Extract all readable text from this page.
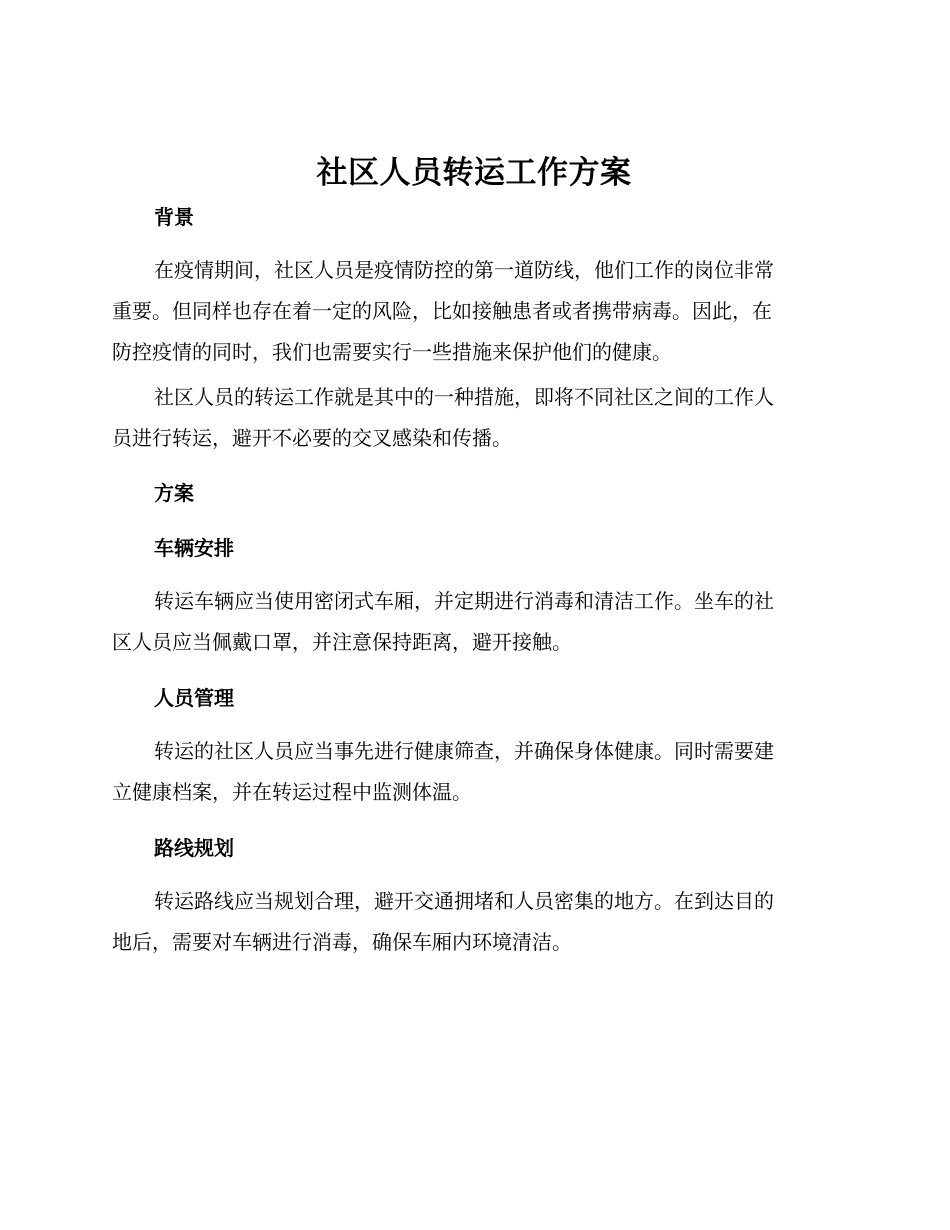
社区人员转运工作方案
背景

在疫情期间，社区人员是疫情防控的第一道防线，他们工作的岗位非常
重要。但同样也存在着一定的风险，比如接触患者或者携带病毒。因此，在
防控疫情的同时，我们也需要实行一些措施来保护他们的健康。

社区人员的转运工作就是其中的一种措施，即将不同社区之间的工作人
员进行转运，避开不必要的交叉感染和传播。

方案
车辆安排

转运车辆应当使用密闭式车厢，并定期进行消毒和清洁工作。坐车的社
区人员应当佩戴口罩，并注意保持距离，避开接触。

人员管理

转运的社区人员应当事先进行健康筛查，并确保身体健康。同时需要建
立健康档案，并在转运过程中监测体温。

路线规划

转运路线应当规划合理，避开交通拥堵和人员密集的地方。在到达目的
地后，需要对车辆进行消毒，确保车厢内环境清洁。
